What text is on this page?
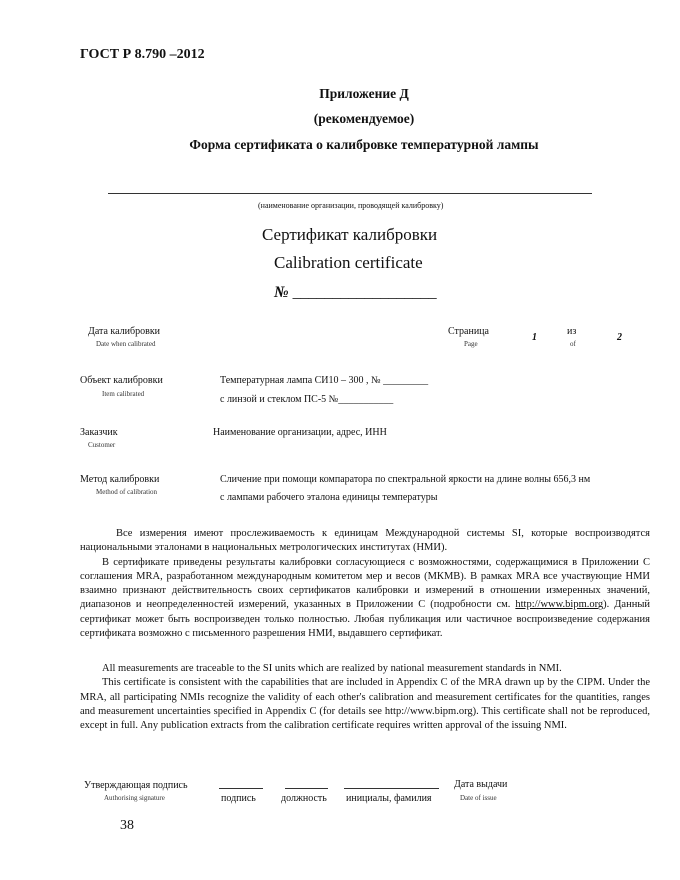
ГОСТ Р 8.790 –2012
Приложение Д
(рекомендуемое)
Форма сертификата о калибровке температурной лампы
(наименование организации, проводящей калибровку)
Сертификат калибровки
Calibration certificate
№ __________________
Дата калибровки
Date when calibrated
Страница
Page
1
из
of
2
Объект калибровки
Item calibrated
Температурная лампа СИ10 – 300 , № _________
с линзой и стеклом ПС-5 №___________
Заказчик
Customer
Наименование организации, адрес, ИНН
Метод калибровки
Method of calibration
Сличение при помощи компаратора по спектральной яркости на длине волны 656,3 нм
с лампами рабочего эталона единицы температуры

Все измерения имеют прослеживаемость к единицам Международной системы SI, которые воспроизводятся национальными эталонами в национальных метрологических институтах (НМИ).

В сертификате приведены результаты калибровки согласующиеся с возможностями, содержащимися в Приложении С соглашения MRA, разработанном международным комитетом мер и весов (МКМВ). В рамках MRA все участвующие НМИ взаимно признают действительность своих сертификатов калибровки и измерений в отношении измеренных значений, диапазонов и неопределенностей измерений, указанных в Приложении С (подробности см. http://www.bipm.org). Данный сертификат может быть воспроизведен только полностью. Любая публикация или частичное воспроизведение содержания сертификата возможно с письменного разрешения НМИ, выдавшего сертификат.

All measurements are traceable to the SI units which are realized by national measurement standards in NMI.

This certificate is consistent with the capabilities that are included in Appendix C of the MRA drawn up by the CIPM. Under the MRA, all participating NMIs recognize the validity of each other's calibration and measurement certificates for the quantities, ranges and measurement uncertainties specified in Appendix C (for details see http://www.bipm.org). This certificate shall not be reproduced, except in full. Any publication extracts from the calibration certificate requires written approval of the issuing NMI.

Утверждающая подпись
Authorising signature	подпись	должность инициалы, фамилия
Дата выдачи
Date of issue
38
